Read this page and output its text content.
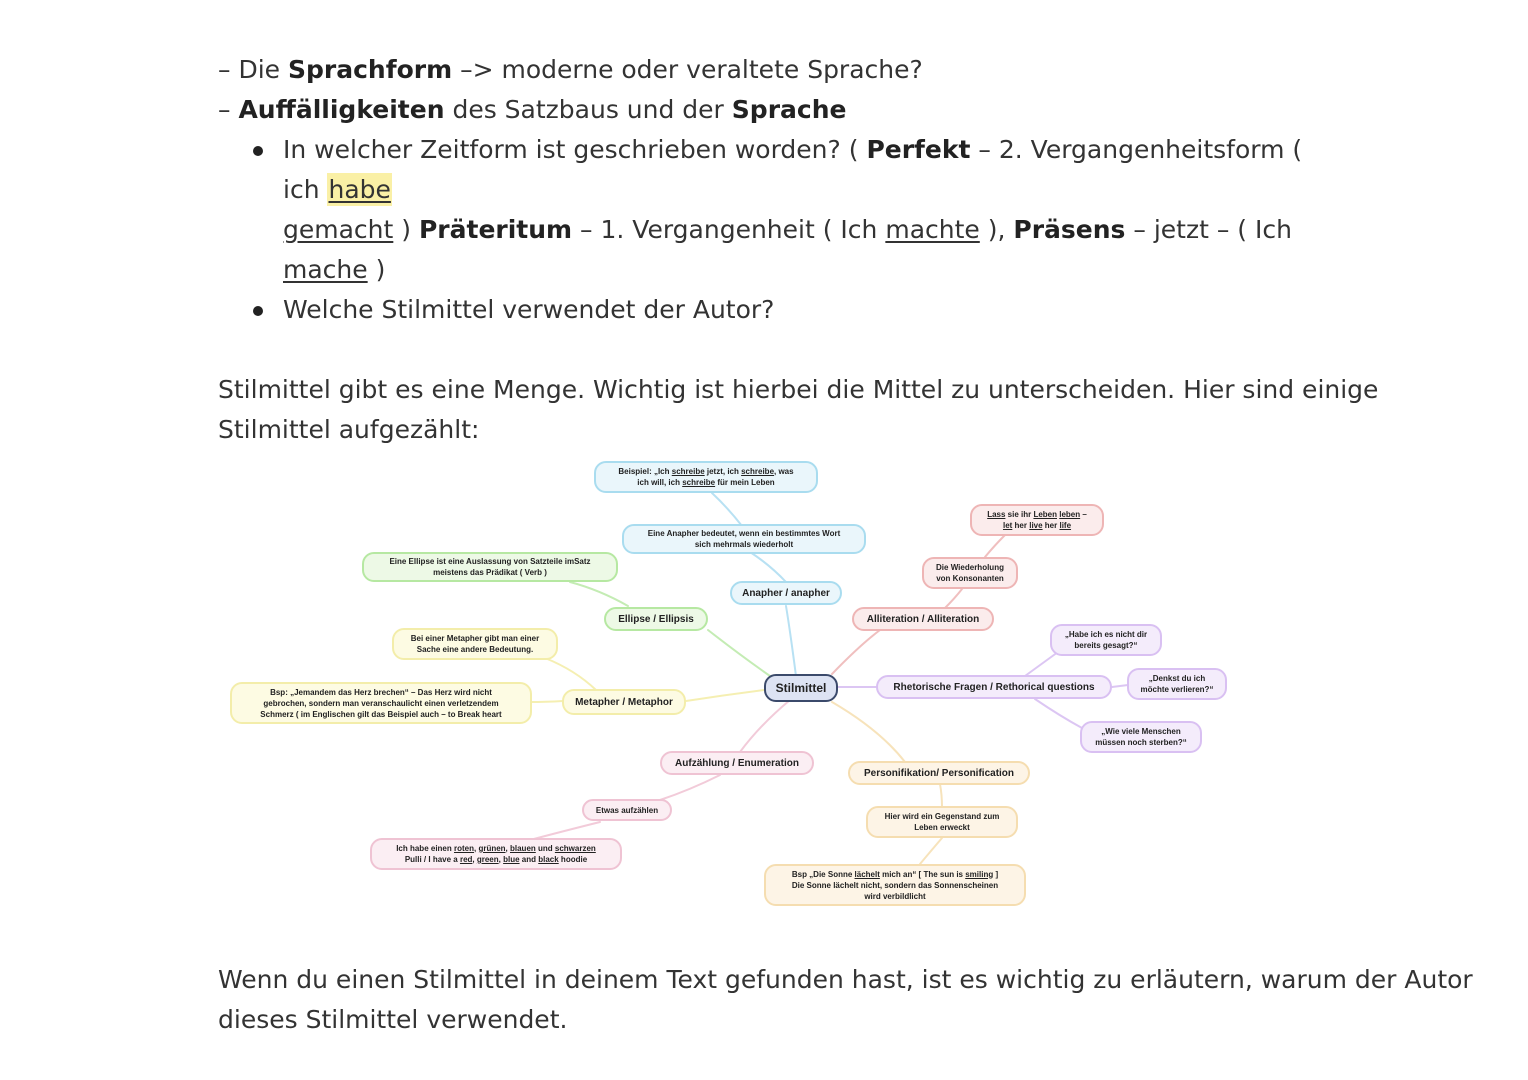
– Die Sprachform –> moderne oder veraltete Sprache?
– Auffälligkeiten des Satzbaus und der Sprache
In welcher Zeitform ist geschrieben worden? ( Perfekt – 2. Vergangenheitsform ( ich habe
gemacht ) Präteritum – 1. Vergangenheit ( Ich machte ), Präsens – jetzt – ( Ich mache )
Welche Stilmittel verwendet der Autor?
Stilmittel gibt es eine Menge. Wichtig ist hierbei die Mittel zu unterscheiden. Hier sind einige
Stilmittel aufgezählt:
Stilmittel
Anapher / anapher
Eine Anapher bedeutet, wenn ein bestimmtes Wort
sich mehrmals wiederholt
Beispiel: „Ich schreibe jetzt, ich schreibe, was
ich will, ich schreibe für mein Leben
Ellipse / Ellipsis
Eine Ellipse ist eine Auslassung von Satzteile imSatz
meistens das Prädikat ( Verb )
Metapher / Metaphor
Bei einer Metapher gibt man einer
Sache eine andere Bedeutung.
Bsp: „Jemandem das Herz brechen“ – Das Herz wird nicht
gebrochen, sondern man veranschaulicht einen verletzendem
Schmerz ( im Englischen gilt das Beispiel auch – to Break heart
Aufzählung / Enumeration
Etwas aufzählen
Ich habe einen roten, grünen, blauen und schwarzen
Pulli / I have a red, green, blue and black hoodie
Personifikation/ Personification
Hier wird ein Gegenstand zum
Leben erweckt
Bsp „Die Sonne lächelt mich an“ [ The sun is smiling ]
Die Sonne lächelt nicht, sondern das Sonnenscheinen
wird verbildlicht
Rhetorische Fragen / Rethorical questions
„Habe ich es nicht dir
bereits gesagt?“
„Denkst du ich
möchte verlieren?“
„Wie viele Menschen
müssen noch sterben?“
Alliteration / Alliteration
Die Wiederholung
von Konsonanten
Lass sie ihr Leben leben –
let her live her life
Wenn du einen Stilmittel in deinem Text gefunden hast, ist es wichtig zu erläutern, warum der Autor
dieses Stilmittel verwendet.
